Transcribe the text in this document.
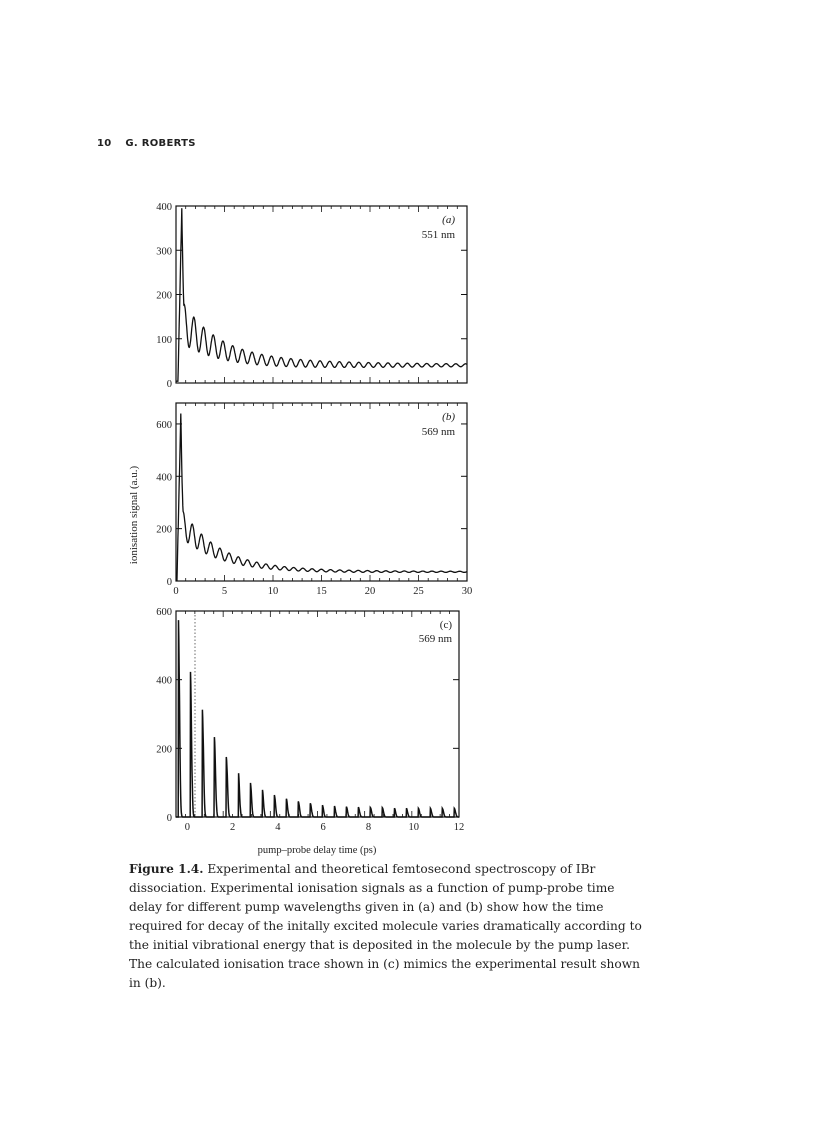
10 G. ROBERTS
0
100
200
300
400
0
200
400
600
0
200
400
600
0	5	10	15	20	25	30
0	2	4	6	8	10	12
(a)
551 nm
(b)
569 nm
(c)
569 nm
ionisation signal (a.u.)
pump–probe delay time (ps)
Figure 1.4. Experimental and theoretical femtosecond spectroscopy of IBr dissociation. Experimental ionisation signals as a function of pump-probe time delay for different pump wavelengths given in (a) and (b) show how the time required for decay of the initally excited molecule varies dramatically according to the initial vibrational energy that is deposited in the molecule by the pump laser. The calculated ionisation trace shown in (c) mimics the experimental result shown in (b).
